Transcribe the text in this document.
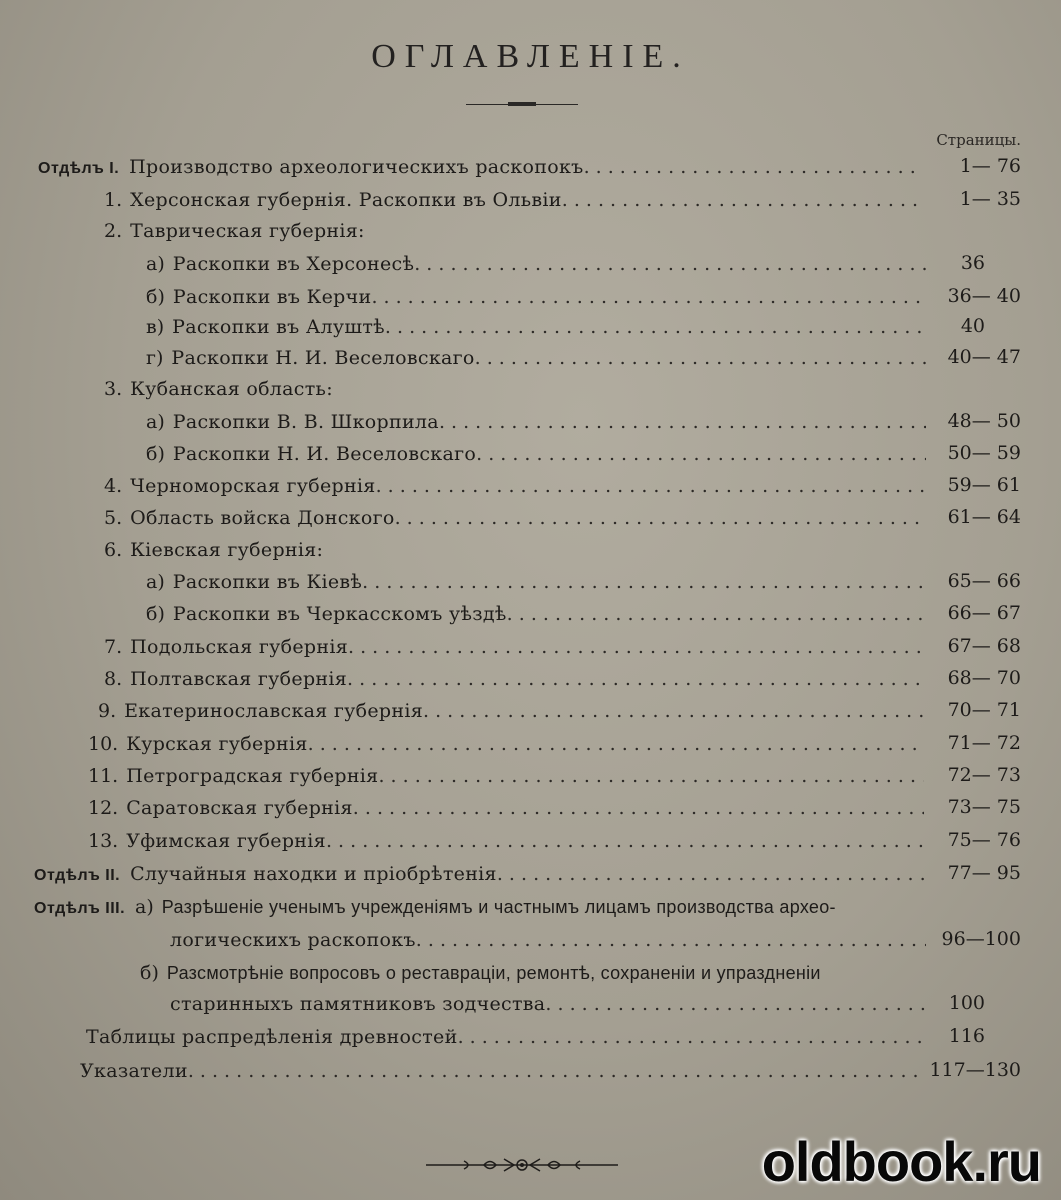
ОГЛАВЛЕНІЕ.
Страницы.
Отдѣлъ I. Производство археологическихъ раскопокъ . . .	1— 76
1. Херсонская губернія. Раскопки въ Ольвіи . . .	1— 35
2. Таврическая губернія:
а) Раскопки въ Херсонесѣ . . .	36
б) Раскопки въ Керчи . . .	36— 40
в) Раскопки въ Алуштѣ . . .	40
г) Раскопки Н. И. Веселовскаго . . .	40— 47
3. Кубанская область:
а) Раскопки В. В. Шкорпила . . .	48— 50
б) Раскопки Н. И. Веселовскаго . . .	50— 59
4. Черноморская губернія . . .	59— 61
5. Область войска Донского . . .	61— 64
6. Кіевская губернія:
а) Раскопки въ Кіевѣ . . .	65— 66
б) Раскопки въ Черкасскомъ уѣздѣ . . .	66— 67
7. Подольская губернія . . .	67— 68
8. Полтавская губернія . . .	68— 70
9. Екатеринославская губернія . . .	70— 71
10. Курская губернія . . .	71— 72
11. Петроградская губернія . . .	72— 73
12. Саратовская губернія . . .	73— 75
13. Уфимская губернія . . .	75— 76
Отдѣлъ II. Случайныя находки и пріобрѣтенія . . .	77— 95
Отдѣлъ III. а) Разрѣшеніе ученымъ учрежденіямъ и частнымъ лицамъ производства архео-
логическихъ раскопокъ . . .	96—100
б) Разсмотрѣніе вопросовъ о реставраціи, ремонтѣ, сохраненіи и упраздненіи
старинныхъ памятниковъ зодчества . . .	100
Таблицы распредѣленія древностей . . .	116
Указатели . . .	117—130
oldbook.ru
